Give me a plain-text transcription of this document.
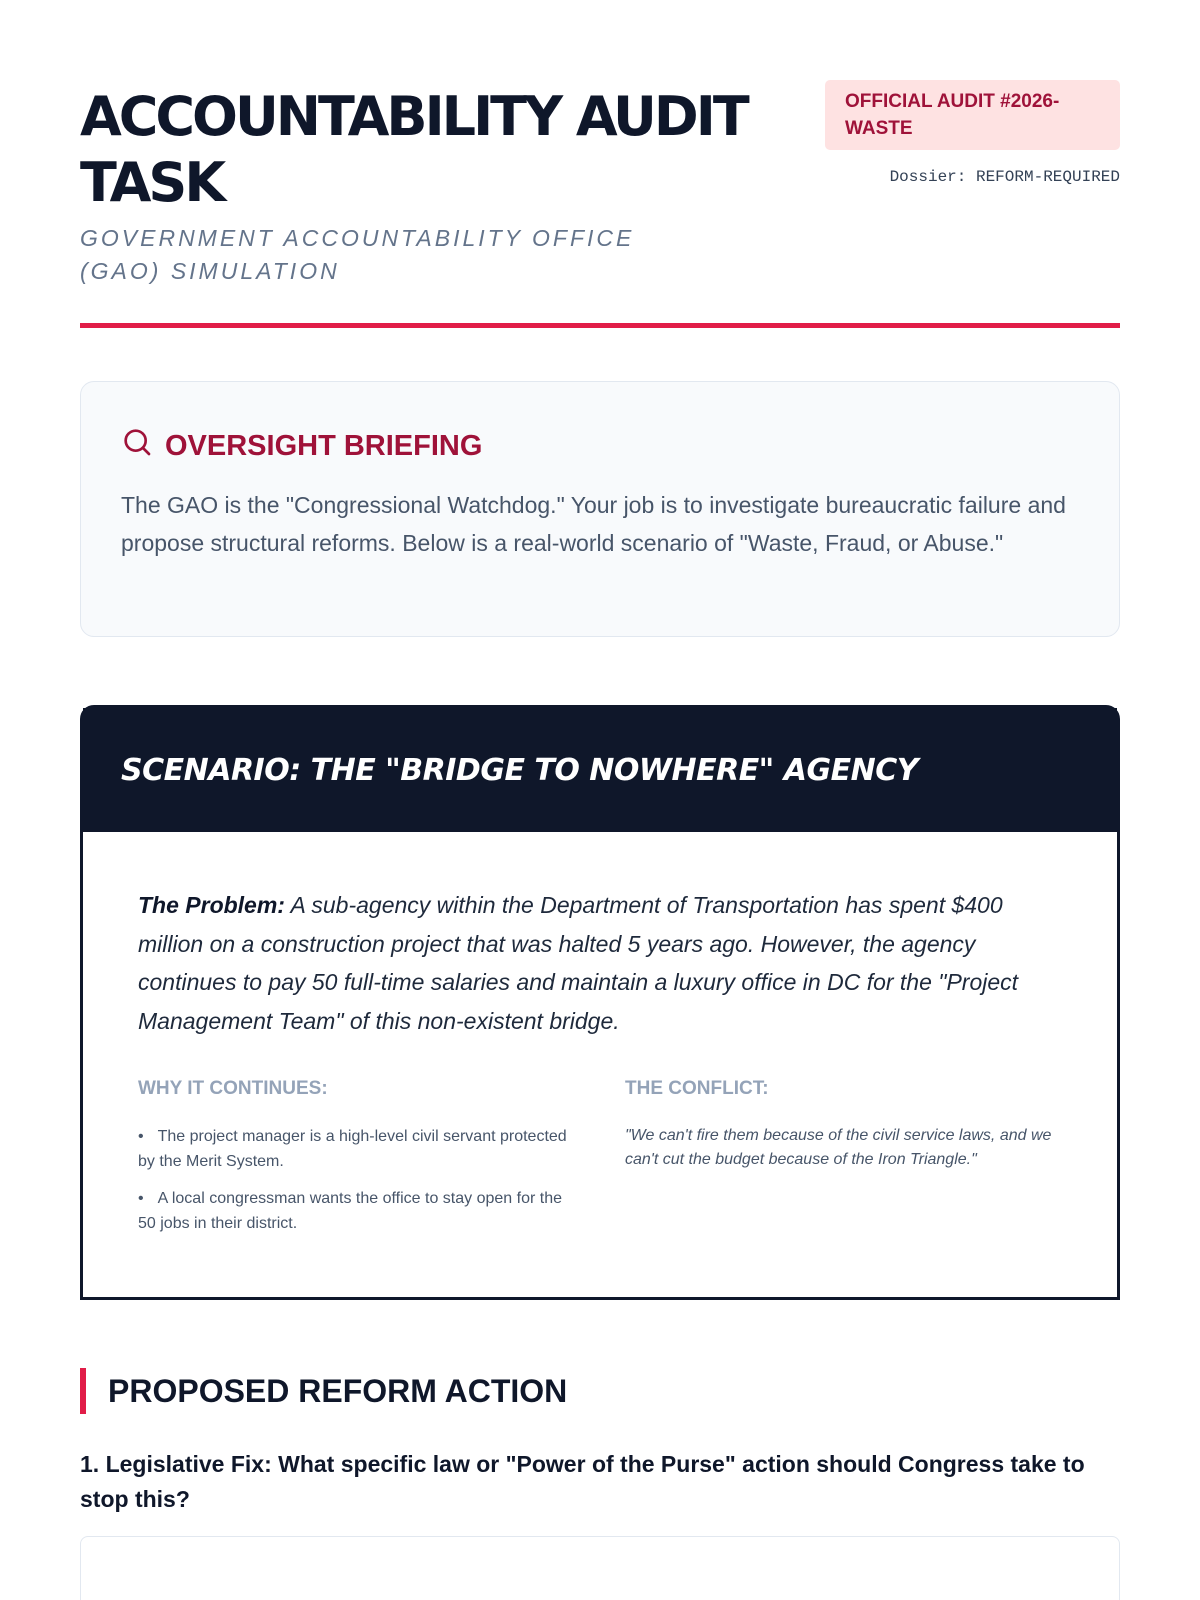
ACCOUNTABILITY AUDIT TASK
GOVERNMENT ACCOUNTABILITY OFFICE (GAO) SIMULATION
OFFICIAL AUDIT #2026-WASTE
Dossier: REFORM-REQUIRED
OVERSIGHT BRIEFING

The GAO is the "Congressional Watchdog." Your job is to investigate bureaucratic failure and propose structural reforms. Below is a real-world scenario of "Waste, Fraud, or Abuse."

SCENARIO: THE "BRIDGE TO NOWHERE" AGENCY

The Problem: A sub-agency within the Department of Transportation has spent $400 million on a construction project that was halted 5 years ago. However, the agency continues to pay 50 full-time salaries and maintain a luxury office in DC for the "Project Management Team" of this non-existent bridge.

WHY IT CONTINUES:
• The project manager is a high-level civil servant protected by the Merit System.
• A local congressman wants the office to stay open for the 50 jobs in their district.
THE CONFLICT:

"We can't fire them because of the civil service laws, and we can't cut the budget because of the Iron Triangle."

PROPOSED REFORM ACTION

1. Legislative Fix: What specific law or "Power of the Purse" action should Congress take to stop this?
